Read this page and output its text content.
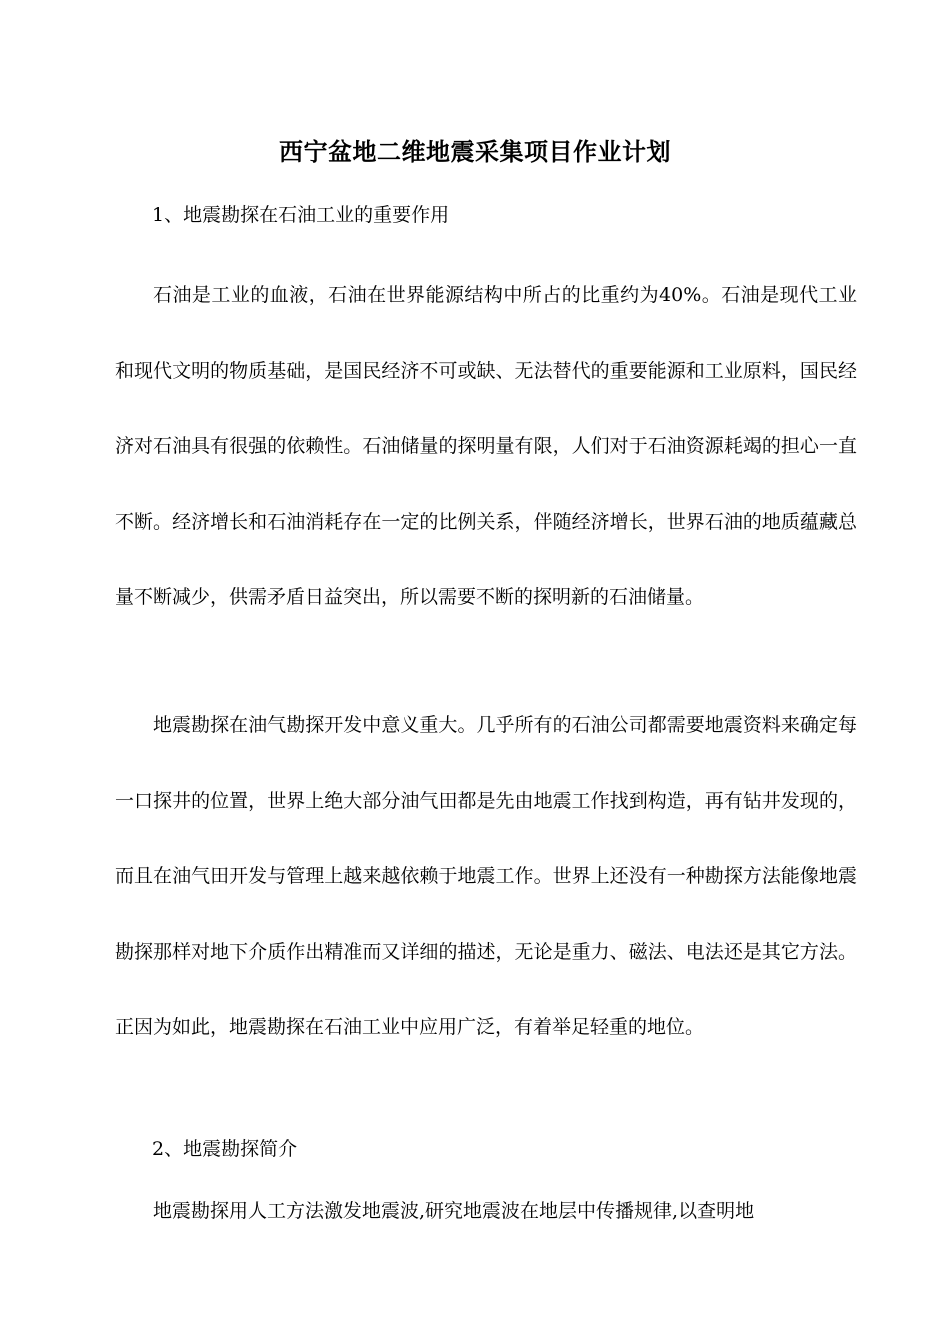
西宁盆地二维地震采集项目作业计划

1、地震勘探在石油工业的重要作用

石油是工业的血液，石油在世界能源结构中所占的比重约为40%。石油是现代工业和现代文明的物质基础，是国民经济不可或缺、无法替代的重要能源和工业原料，国民经济对石油具有很强的依赖性。石油储量的探明量有限，人们对于石油资源耗竭的担心一直不断。经济增长和石油消耗存在一定的比例关系，伴随经济增长，世界石油的地质蕴藏总量不断减少，供需矛盾日益突出，所以需要不断的探明新的石油储量。

地震勘探在油气勘探开发中意义重大。几乎所有的石油公司都需要地震资料来确定每一口探井的位置，世界上绝大部分油气田都是先由地震工作找到构造，再有钻井发现的，而且在油气田开发与管理上越来越依赖于地震工作。世界上还没有一种勘探方法能像地震勘探那样对地下介质作出精准而又详细的描述，无论是重力、磁法、电法还是其它方法。正因为如此，地震勘探在石油工业中应用广泛，有着举足轻重的地位。

2、地震勘探简介

地震勘探用人工方法激发地震波,研究地震波在地层中传播规律,以查明地
